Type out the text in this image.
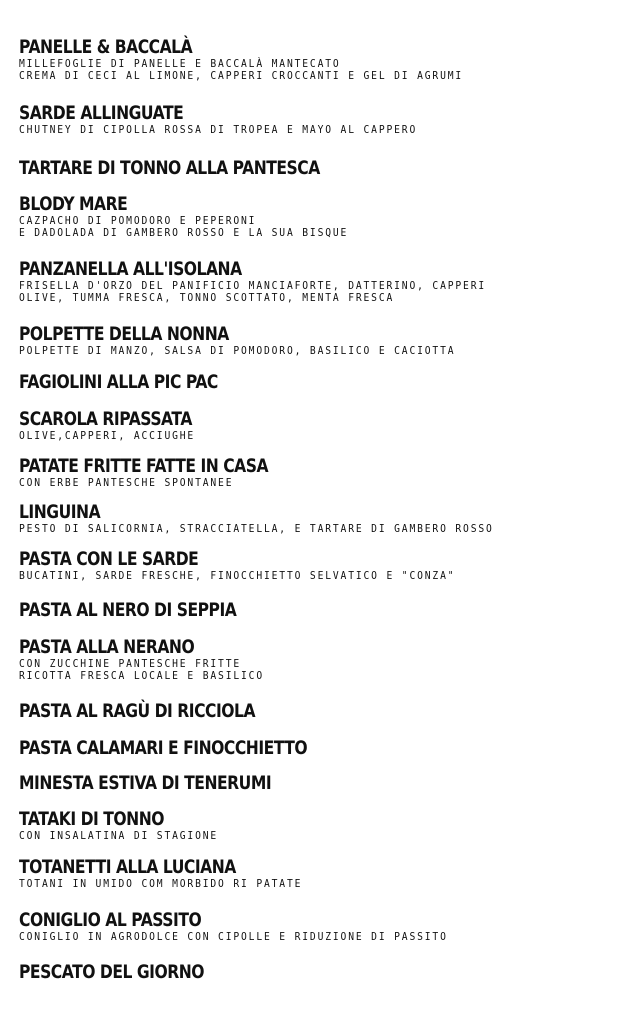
PANELLE & BACCALÀ
MILLEFOGLIE DI PANELLE E BACCALÀ MANTECATO
CREMA DI CECI AL LIMONE, CAPPERI CROCCANTI E GEL DI AGRUMI
SARDE ALLINGUATE
CHUTNEY DI CIPOLLA ROSSA DI TROPEA E MAYO AL CAPPERO
TARTARE DI TONNO ALLA PANTESCA
BLODY MARE
CAZPACHO DI POMODORO E PEPERONI
E DADOLADA DI GAMBERO ROSSO E LA SUA BISQUE
PANZANELLA ALL'ISOLANA
FRISELLA D'ORZO DEL PANIFICIO MANCIAFORTE, DATTERINO, CAPPERI
OLIVE, TUMMA FRESCA, TONNO SCOTTATO, MENTA FRESCA
POLPETTE DELLA NONNA
POLPETTE DI MANZO, SALSA DI POMODORO, BASILICO E CACIOTTA
FAGIOLINI ALLA PIC PAC
SCAROLA RIPASSATA
OLIVE,CAPPERI, ACCIUGHE
PATATE FRITTE FATTE IN CASA
CON ERBE PANTESCHE SPONTANEE
LINGUINA
PESTO DI SALICORNIA, STRACCIATELLA, E TARTARE DI GAMBERO ROSSO
PASTA CON LE SARDE
BUCATINI, SARDE FRESCHE, FINOCCHIETTO SELVATICO E "CONZA"
PASTA AL NERO DI SEPPIA
PASTA ALLA NERANO
CON ZUCCHINE PANTESCHE FRITTE
RICOTTA FRESCA LOCALE E BASILICO
PASTA AL RAGÙ DI RICCIOLA
PASTA CALAMARI E FINOCCHIETTO
MINESTA ESTIVA DI TENERUMI
TATAKI DI TONNO
CON INSALATINA DI STAGIONE
TOTANETTI ALLA LUCIANA
TOTANI IN UMIDO COM MORBIDO RI PATATE
CONIGLIO AL PASSITO
CONIGLIO IN AGRODOLCE CON CIPOLLE E RIDUZIONE DI PASSITO
PESCATO DEL GIORNO
